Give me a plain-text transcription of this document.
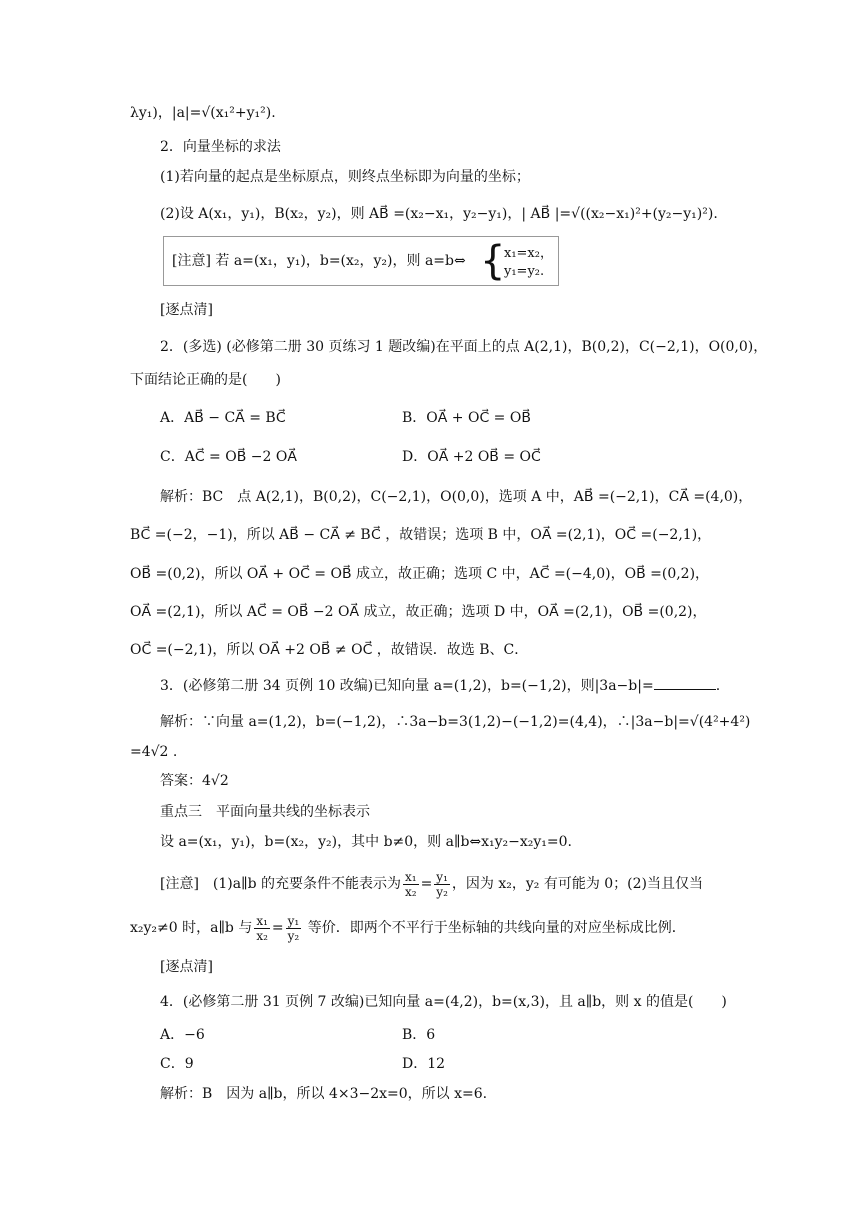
λy₁)，|a|=√(x₁²+y₁²).
2．向量坐标的求法
(1)若向量的起点是坐标原点，则终点坐标即为向量的坐标；
(2)设 A(x₁，y₁)，B(x₂，y₂)，则 AB⃗ =(x₂−x₁，y₂−y₁)，| AB⃗ |=√((x₂−x₁)²+(y₂−y₁)²).
[注意] 若 a=(x₁，y₁)，b=(x₂，y₂)，则 a=b⇔ {
x₁=x₂，
y₁=y₂.
[逐点清]
2．(多选) (必修第二册 30 页练习 1 题改编)在平面上的点 A(2,1)，B(0,2)，C(−2,1)，O(0,0)，
下面结论正确的是(　　)
A．AB⃗ − CA⃗ = BC⃗	B．OA⃗ + OC⃗ = OB⃗
C．AC⃗ = OB⃗ −2 OA⃗	D．OA⃗ +2 OB⃗ = OC⃗
解析：BC　点 A(2,1)，B(0,2)，C(−2,1)，O(0,0)，选项 A 中，AB⃗ =(−2,1)，CA⃗ =(4,0)，
BC⃗ =(−2，−1)，所以 AB⃗ − CA⃗ ≠ BC⃗ ，故错误；选项 B 中，OA⃗ =(2,1)，OC⃗ =(−2,1)，
OB⃗ =(0,2)，所以 OA⃗ + OC⃗ = OB⃗ 成立，故正确；选项 C 中，AC⃗ =(−4,0)，OB⃗ =(0,2)，
OA⃗ =(2,1)，所以 AC⃗ = OB⃗ −2 OA⃗ 成立，故正确；选项 D 中，OA⃗ =(2,1)，OB⃗ =(0,2)，
OC⃗ =(−2,1)，所以 OA⃗ +2 OB⃗ ≠ OC⃗ ，故错误．故选 B、C．
3．(必修第二册 34 页例 10 改编)已知向量 a=(1,2)，b=(−1,2)，则|3a−b|=	.
解析：∵向量 a=(1,2)，b=(−1,2)，∴3a−b=3(1,2)−(−1,2)=(4,4)，∴|3a−b|=√(4²+4²)
=4√2 .
答案：4√2
重点三　平面向量共线的坐标表示
设 a=(x₁，y₁)，b=(x₂，y₂)，其中 b≠0，则 a∥b⇔x₁y₂−x₂y₁=0.
[注意]　(1)a∥b 的充要条件不能表示为 $\frac{\text{x₁}}{\text{x₂}} = \frac{\text{y₁}}{\text{y₂}}$ ，因为 x₂，y₂ 有可能为 0；(2)当且仅当
x₂y₂≠0 时，a∥b 与 $\frac{\text{x₁}}{\text{x₂}} = \frac{\text{y₁}}{\text{y₂}}$ 等价．即两个不平行于坐标轴的共线向量的对应坐标成比例．
[逐点清]
4．(必修第二册 31 页例 7 改编)已知向量 a=(4,2)，b=(x,3)，且 a∥b，则 x 的值是(　　)
A．−6	B．6
C．9	D．12
解析：B　因为 a∥b，所以 4×3−2x=0，所以 x=6.
